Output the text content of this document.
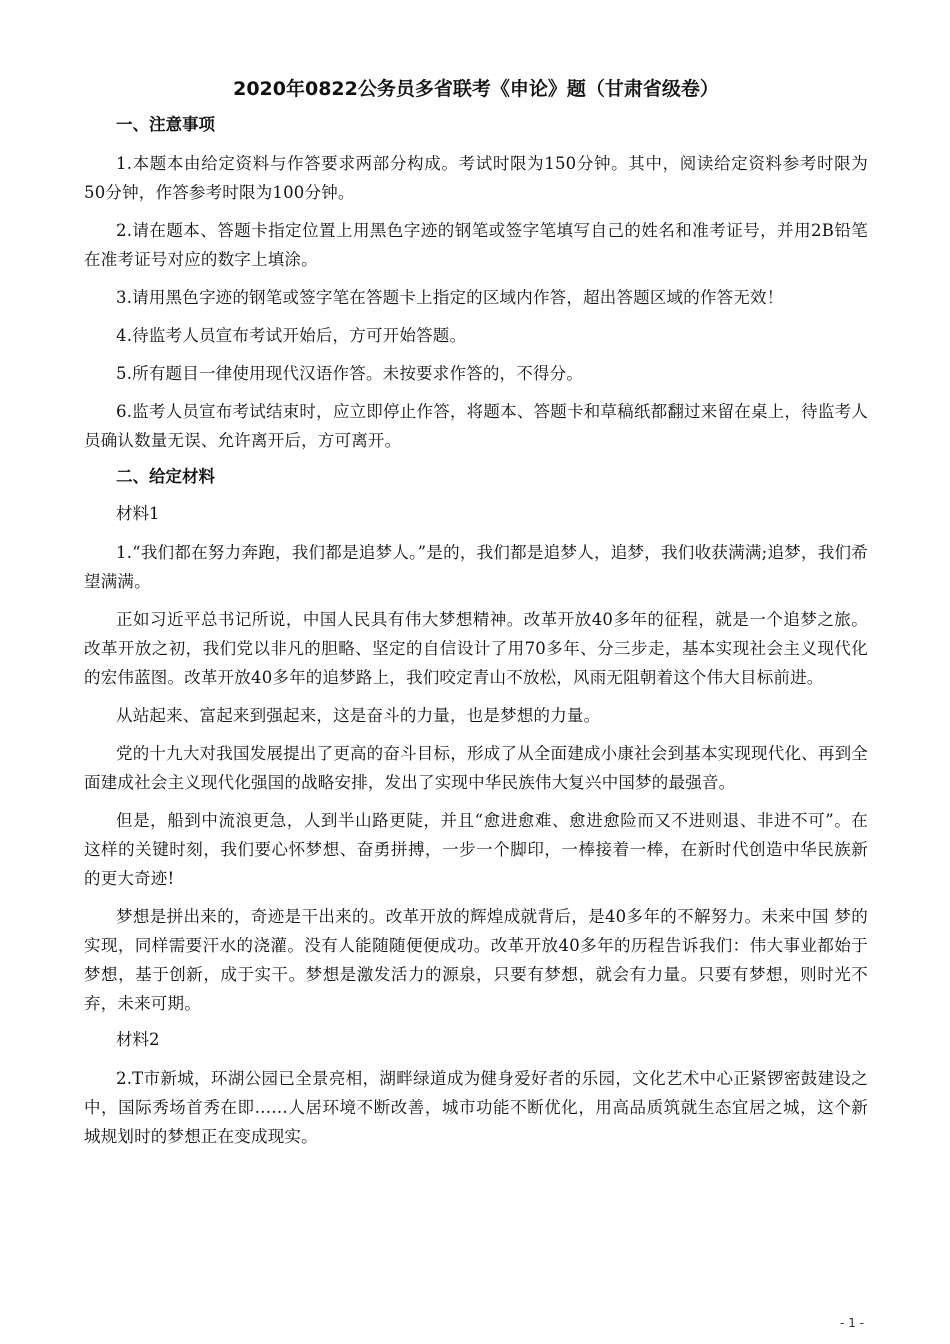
2020年0822公务员多省联考《申论》题（甘肃省级卷）
一、注意事项

1.本题本由给定资料与作答要求两部分构成。考试时限为150分钟。其中，阅读给定资料参考时限为50分钟，作答参考时限为100分钟。

2.请在题本、答题卡指定位置上用黑色字迹的钢笔或签字笔填写自己的姓名和准考证号，并用2B铅笔在准考证号对应的数字上填涂。

3.请用黑色字迹的钢笔或签字笔在答题卡上指定的区域内作答，超出答题区域的作答无效！

4.待监考人员宣布考试开始后，方可开始答题。

5.所有题目一律使用现代汉语作答。未按要求作答的，不得分。

6.监考人员宣布考试结束时，应立即停止作答，将题本、答题卡和草稿纸都翻过来留在桌上，待监考人员确认数量无误、允许离开后，方可离开。

二、给定材料
材料1

1.“我们都在努力奔跑，我们都是追梦人。”是的，我们都是追梦人，追梦，我们收获满满;追梦，我们希望满满。

正如习近平总书记所说，中国人民具有伟大梦想精神。改革开放40多年的征程，就是一个追梦之旅。改革开放之初，我们党以非凡的胆略、坚定的自信设计了用70多年、分三步走，基本实现社会主义现代化的宏伟蓝图。改革开放40多年的追梦路上，我们咬定青山不放松，风雨无阻朝着这个伟大目标前进。

从站起来、富起来到强起来，这是奋斗的力量，也是梦想的力量。

党的十九大对我国发展提出了更高的奋斗目标，形成了从全面建成小康社会到基本实现现代化、再到全面建成社会主义现代化强国的战略安排，发出了实现中华民族伟大复兴中国梦的最强音。

但是，船到中流浪更急，人到半山路更陡，并且“愈进愈难、愈进愈险而又不进则退、非进不可”。在这样的关键时刻，我们要心怀梦想、奋勇拼搏，一步一个脚印，一棒接着一棒，在新时代创造中华民族新的更大奇迹!

梦想是拼出来的，奇迹是干出来的。改革开放的辉煌成就背后，是40多年的不解努力。未来中国 梦的实现，同样需要汗水的浇灌。没有人能随随便便成功。改革开放40多年的历程告诉我们：伟大事业都始于梦想，基于创新，成于实干。梦想是激发活力的源泉，只要有梦想，就会有力量。只要有梦想，则时光不弃，未来可期。

材料2

2.T市新城，环湖公园已全景亮相，湖畔绿道成为健身爱好者的乐园，文化艺术中心正紧锣密鼓建设之中，国际秀场首秀在即……人居环境不断改善，城市功能不断优化，用高品质筑就生态宜居之城，这个新城规划时的梦想正在变成现实。

- 1 -
